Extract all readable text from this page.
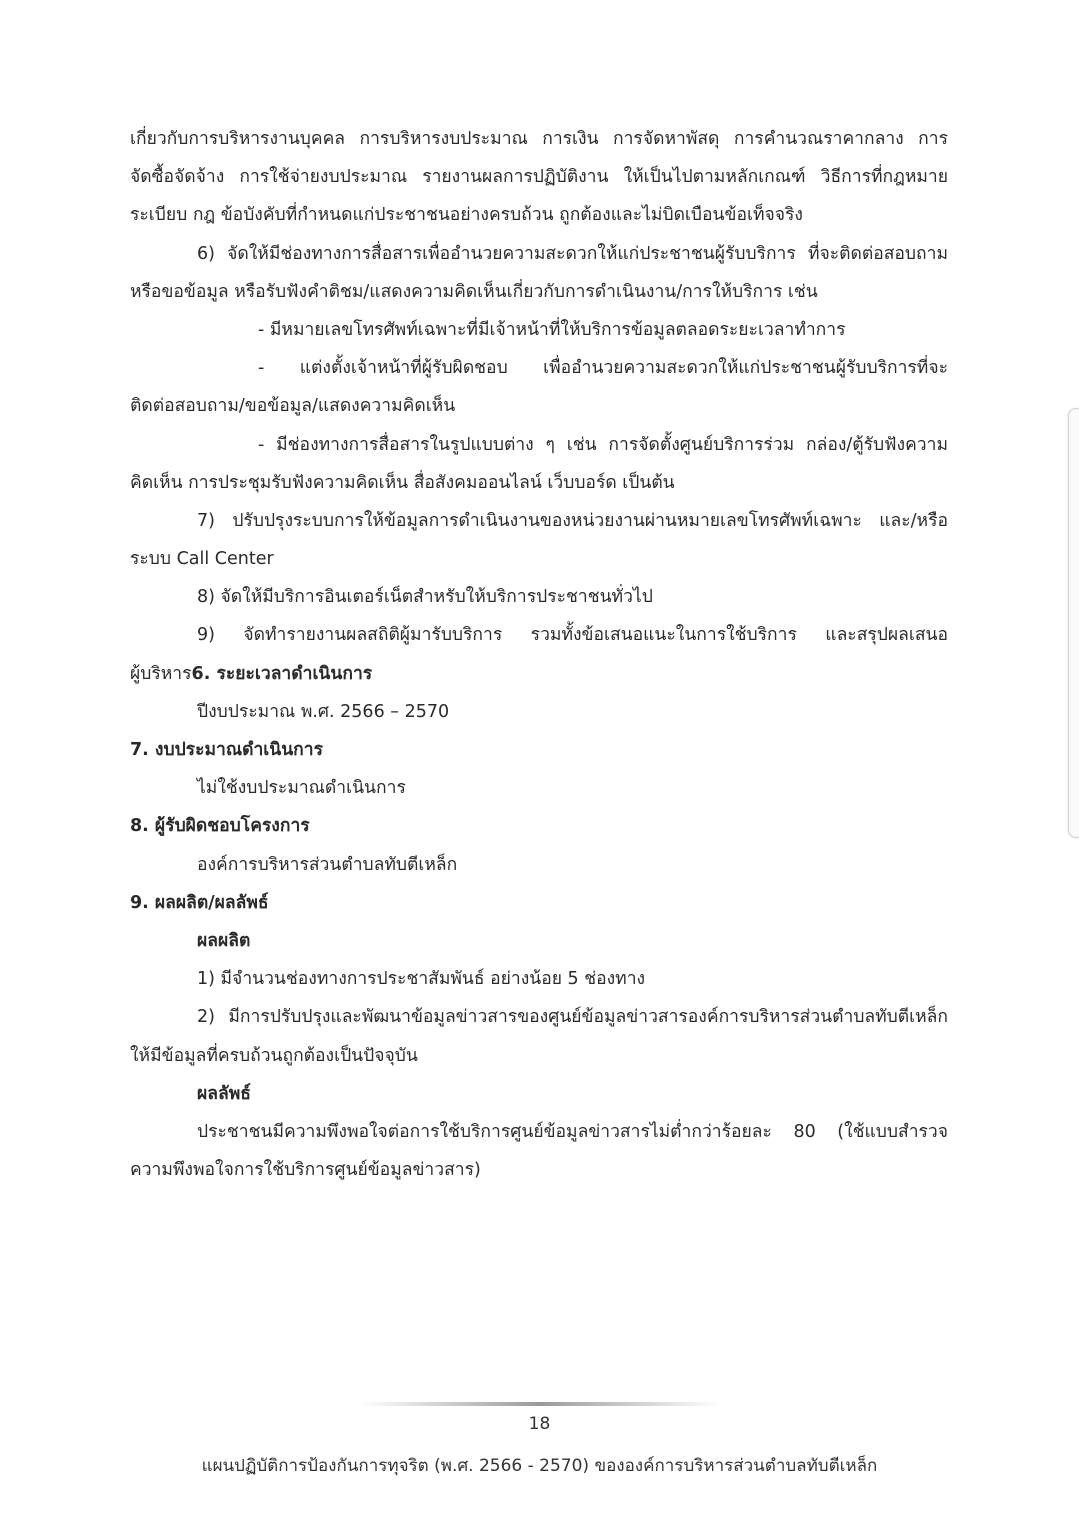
เกี่ยวกับการบริหารงานบุคคล การบริหารงบประมาณ การเงิน การจัดหาพัสดุ การคำนวณราคากลาง การ
จัดซื้อจัดจ้าง การใช้จ่ายงบประมาณ รายงานผลการปฏิบัติงาน ให้เป็นไปตามหลักเกณฑ์ วิธีการที่กฎหมาย
ระเบียบ กฎ ข้อบังคับที่กำหนดแก่ประชาชนอย่างครบถ้วน ถูกต้องและไม่บิดเบือนข้อเท็จจริง
6) จัดให้มีช่องทางการสื่อสารเพื่ออำนวยความสะดวกให้แก่ประชาชนผู้รับบริการ ที่จะติดต่อสอบถาม
หรือขอข้อมูล หรือรับฟังคำติชม/แสดงความคิดเห็นเกี่ยวกับการดำเนินงาน/การให้บริการ เช่น
- มีหมายเลขโทรศัพท์เฉพาะที่มีเจ้าหน้าที่ให้บริการข้อมูลตลอดระยะเวลาทำการ
- แต่งตั้งเจ้าหน้าที่ผู้รับผิดชอบ เพื่ออำนวยความสะดวกให้แก่ประชาชนผู้รับบริการที่จะ
ติดต่อสอบถาม/ขอข้อมูล/แสดงความคิดเห็น
- มีช่องทางการสื่อสารในรูปแบบต่าง ๆ เช่น การจัดตั้งศูนย์บริการร่วม กล่อง/ตู้รับฟังความ
คิดเห็น การประชุมรับฟังความคิดเห็น สื่อสังคมออนไลน์ เว็บบอร์ด เป็นต้น
7) ปรับปรุงระบบการให้ข้อมูลการดำเนินงานของหน่วยงานผ่านหมายเลขโทรศัพท์เฉพาะ และ/หรือ
ระบบ Call Center
8) จัดให้มีบริการอินเตอร์เน็ตสำหรับให้บริการประชาชนทั่วไป
9) จัดทำรายงานผลสถิติผู้มารับบริการ รวมทั้งข้อเสนอแนะในการใช้บริการ และสรุปผลเสนอ
ผู้บริหาร6. ระยะเวลาดำเนินการ
ปีงบประมาณ พ.ศ. 2566 – 2570
7. งบประมาณดำเนินการ
ไม่ใช้งบประมาณดำเนินการ
8. ผู้รับผิดชอบโครงการ
องค์การบริหารส่วนตำบลทับตีเหล็ก
9. ผลผลิต/ผลลัพธ์
ผลผลิต
1) มีจำนวนช่องทางการประชาสัมพันธ์ อย่างน้อย 5 ช่องทาง
2) มีการปรับปรุงและพัฒนาข้อมูลข่าวสารของศูนย์ข้อมูลข่าวสารองค์การบริหารส่วนตำบลทับตีเหล็ก
ให้มีข้อมูลที่ครบถ้วนถูกต้องเป็นปัจจุบัน
ผลลัพธ์
ประชาชนมีความพึงพอใจต่อการใช้บริการศูนย์ข้อมูลข่าวสารไม่ต่ำกว่าร้อยละ 80 (ใช้แบบสำรวจ
ความพึงพอใจการใช้บริการศูนย์ข้อมูลข่าวสาร)
18
แผนปฏิบัติการป้องกันการทุจริต (พ.ศ. 2566 - 2570) ขององค์การบริหารส่วนตำบลทับตีเหล็ก
